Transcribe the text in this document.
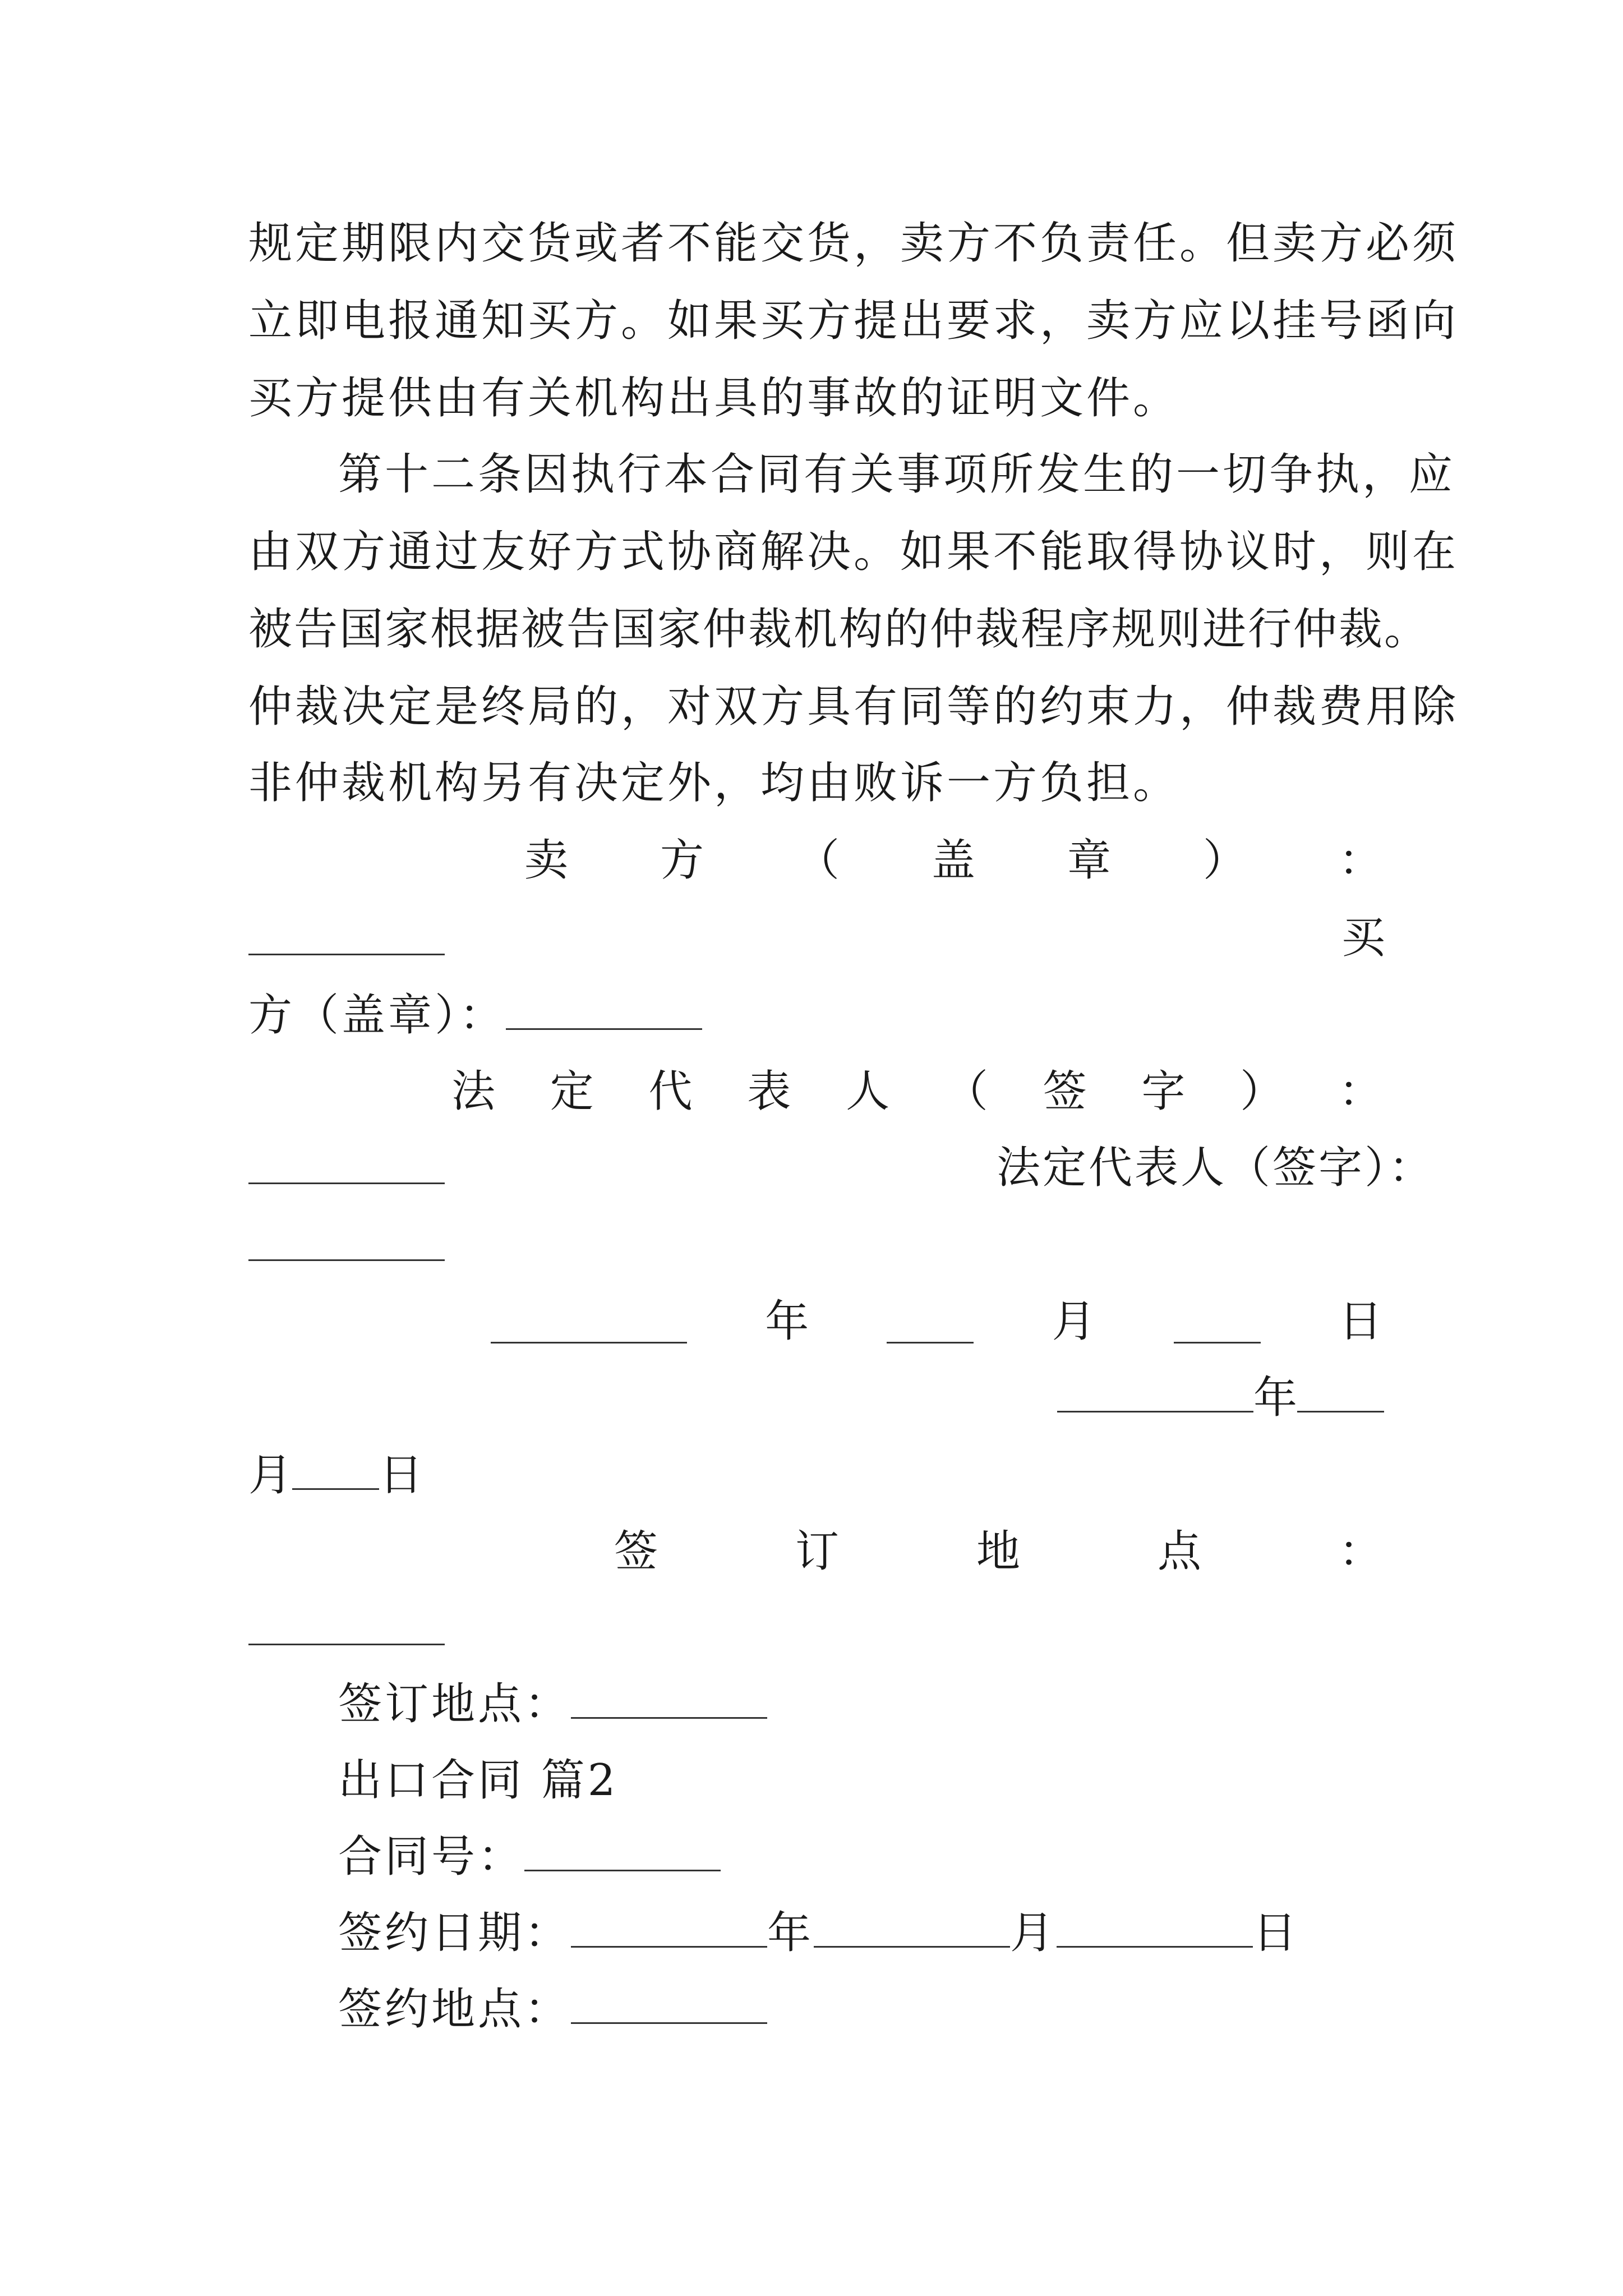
规定期限内交货或者不能交货，卖方不负责任。但卖方必须
立即电报通知买方。如果买方提出要求，卖方应以挂号函向
买方提供由有关机构出具的事故的证明文件。
第十二条因执行本合同有关事项所发生的一切争执，应
由双方通过友好方式协商解决。如果不能取得协议时，则在
被告国家根据被告国家仲裁机构的仲裁程序规则进行仲裁。
仲裁决定是终局的，对双方具有同等的约束力，仲裁费用除
非仲裁机构另有决定外，均由败诉一方负担。
卖 方 （ 盖 章 ） ：
买
方（盖章）：
法 定 代 表 人 （ 签 字 ） ：
法定代表人（签字）：
年	月	日
年
月 日
签	订	地	点	：
签订地点：
出口合同 篇2
合同号：
签约日期：	年	月	日
签约地点：
